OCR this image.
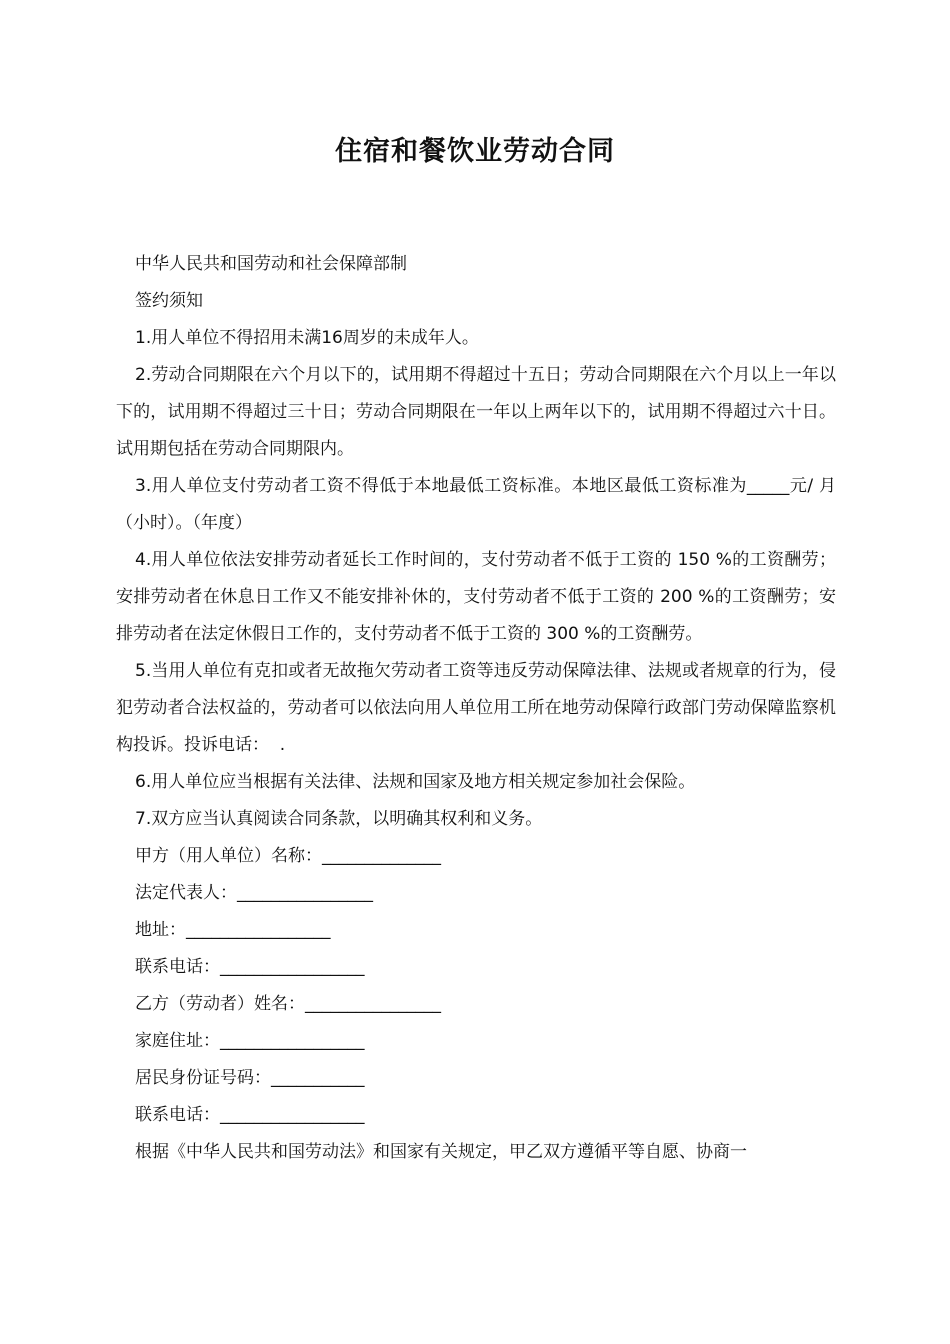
住宿和餐饮业劳动合同

中华人民共和国劳动和社会保障部制

签约须知

1.用人单位不得招用未满16周岁的未成年人。

2.劳动合同期限在六个月以下的，试用期不得超过十五日；劳动合同期限在六个月以上一年以下的，试用期不得超过三十日；劳动合同期限在一年以上两年以下的，试用期不得超过六十日。试用期包括在劳动合同期限内。

3.用人单位支付劳动者工资不得低于本地最低工资标准。本地区最低工资标准为_____元/ 月（小时）。（年度）

4.用人单位依法安排劳动者延长工作时间的，支付劳动者不低于工资的 150 %的工资酬劳；安排劳动者在休息日工作又不能安排补休的，支付劳动者不低于工资的 200 %的工资酬劳；安排劳动者在法定休假日工作的，支付劳动者不低于工资的 300 %的工资酬劳。

5.当用人单位有克扣或者无故拖欠劳动者工资等违反劳动保障法律、法规或者规章的行为，侵犯劳动者合法权益的，劳动者可以依法向用人单位用工所在地劳动保障行政部门劳动保障监察机构投诉。投诉电话：  .

6.用人单位应当根据有关法律、法规和国家及地方相关规定参加社会保险。

7.双方应当认真阅读合同条款，以明确其权利和义务。

甲方（用人单位）名称：______________

法定代表人：________________

地址：_________________

联系电话：_________________

乙方（劳动者）姓名：________________

家庭住址：_________________

居民身份证号码：___________

联系电话：_________________

根据《中华人民共和国劳动法》和国家有关规定，甲乙双方遵循平等自愿、协商一
